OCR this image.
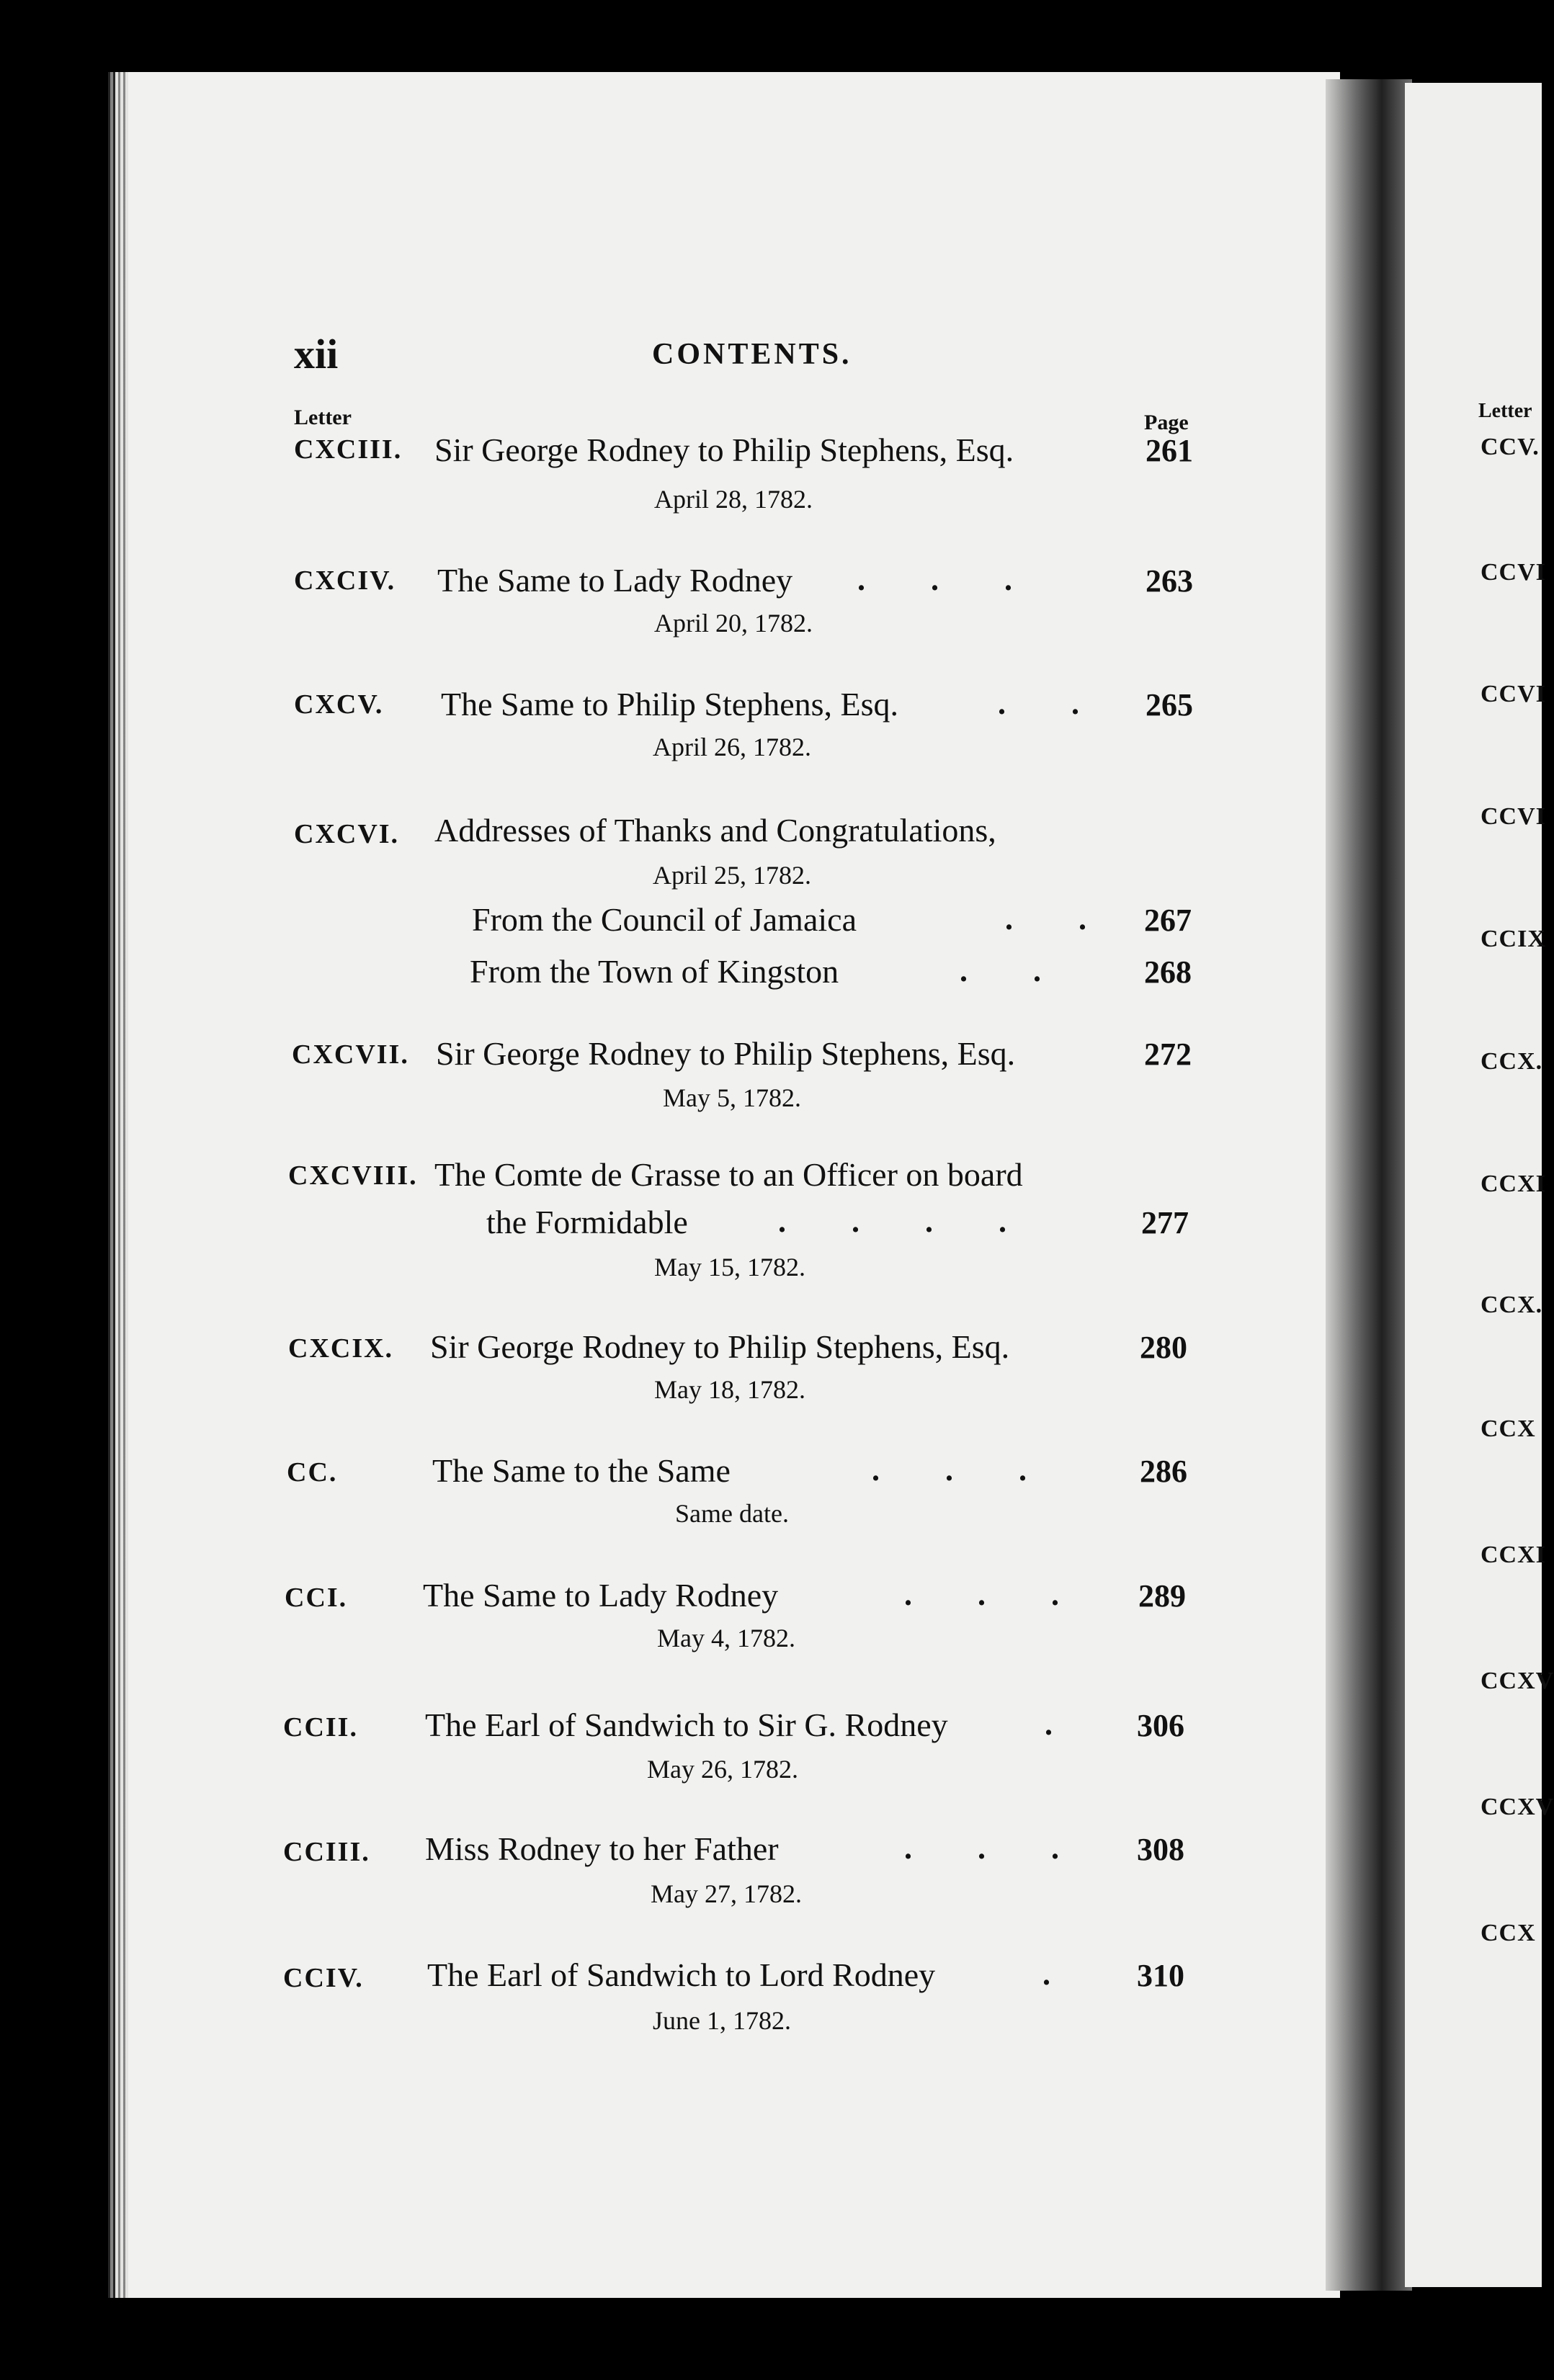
xii	CONTENTS.
Letter	Page
CXCIII. Sir George Rodney to Philip Stephens, Esq.	261
April 28, 1782.
CXCIV. The Same to Lady Rodney . . .	263
April 20, 1782.
CXCV. The Same to Philip Stephens, Esq.	. . 265
April 26, 1782.
CXCVI. Addresses of Thanks and Congratulations,
April 25, 1782.
From the Council of Jamaica	. . 267
From the Town of Kingston	. . 268
CXCVII. Sir George Rodney to Philip Stephens, Esq.	272
May 5, 1782.
CXCVIII. The Comte de Grasse to an Officer on board
the Formidable	. . . .	277
May 15, 1782.
CXCIX. Sir George Rodney to Philip Stephens, Esq.	280
May 18, 1782.
CC.	The Same to the Same	. . .	286
Same date.
CCI. The Same to Lady Rodney	. . . 289
May 4, 1782.
CCII. The Earl of Sandwich to Sir G. Rodney	. 306
May 26, 1782.
CCIII. Miss Rodney to her Father	. . . 308
May 27, 1782.
CCIV. The Earl of Sandwich to Lord Rodney	. 310
June 1, 1782.
Letter
CCV.
CCVI
CCVI
CCVI
CCIX
CCX.
CCXI
CCX.
CCX
CCXI
CCXV
CCXV
CCX
